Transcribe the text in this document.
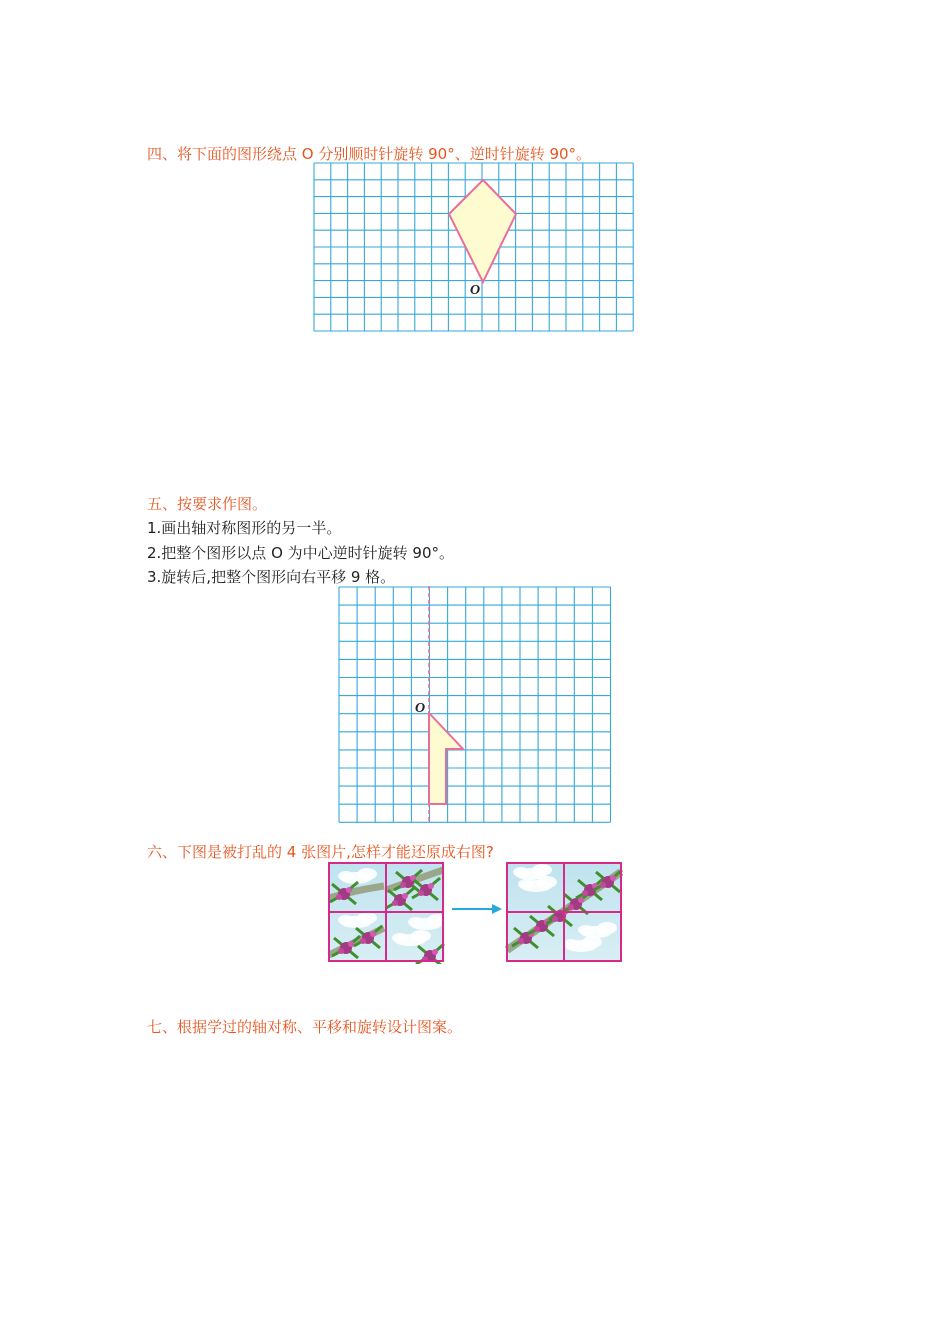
四、将下面的图形绕点 O 分别顺时针旋转 90°、逆时针旋转 90°。
O
五、按要求作图。
1.画出轴对称图形的另一半。
2.把整个图形以点 O 为中心逆时针旋转 90°。
3.旋转后,把整个图形向右平移 9 格。
O
六、下图是被打乱的 4 张图片,怎样才能还原成右图?
七、根据学过的轴对称、平移和旋转设计图案。
